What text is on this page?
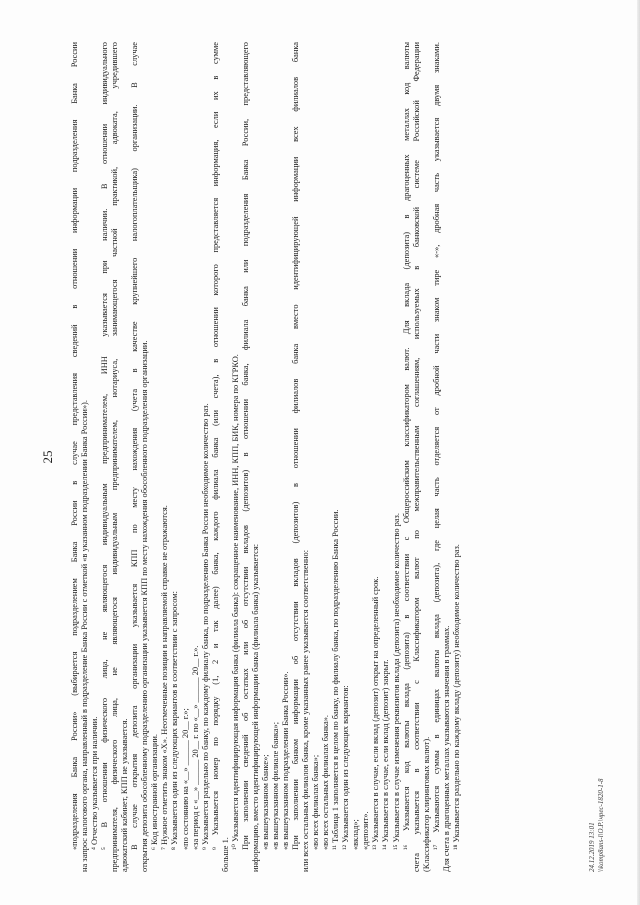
25 «подразделения Банка России» (выбирается подразделением Банка России в случае представления сведений в отношении информации подразделения Банка России на запрос налогового органа, направленный в подразделение Банка России с отметкой «в указанном подразделении Банка России»). ⁴ Отчество указывается при наличии. ⁵ В отношении физического лица, не являющегося индивидуальным предпринимателем, ИНН указывается при наличии. В отношении индивидуального предпринимателя, физического лица, не являющегося индивидуальным предпринимателем, нотариуса, занимающегося частной практикой, адвоката, учредившего адвокатский кабинет, КПП не указывается. В случае открытия депозита организации указывается КПП по месту нахождения (учета в качестве крупнейшего налогоплательщика) организации. В случае открытия депозита обособленному подразделению организации указывается КПП по месту нахождения обособленного подразделения организации. ⁶ Код иностранной организации. ⁷ Нужное отметить знаком «X». Неотмеченные позиции в направляемой справке не отражаются. ⁸ Указывается один из следующих вариантов в соответствии с запросом: «по состоянию на «__» ______ 20__ г.»; «за период с «__» ______ 20__ г. по «__» ______ 20__ г.». ⁹ Указывается раздельно по банку, по каждому филиалу банка, по подразделению Банка России необходимое количество раз. ⁹ Указывается номер по порядку (1, 2 и так далее) банка, каждого филиала банка (или счета), в отношении которого представляется информация, если их в сумме

больше 1.

¹⁰ Указывается идентифицирующая информация банка (филиала банка): сокращенное наименование, ИНН, КПП, БИК, номера по КГРКО. При заполнении сведений об остатках или об отсутствии вкладов (депозитов) в отношении банка, филиала банка или подразделения Банка России, представляющего информацию, вместо идентифицирующей информации банка (филиала банка) указывается: «в вышеуказанном банке»; «в вышеуказанном филиале банка»; «в вышеуказанном подразделении Банка России». При заполнении банком информации об отсутствии вкладов (депозитов) в отношении филиалов банка вместо идентифицирующей информации всех филиалов банка или всех остальных филиалов банка, кроме указанных ранее указывается соответственно: «во всех филиалах банка»; «во всех остальных филиалах банка». ¹¹ Таблица 1 заполняется в целом по банку, по филиалу банка, по подразделению Банка России. ¹² Указывается один из следующих вариантов: «вклад»; «депозит». ¹³ Указывается в случае, если вклад (депозит) открыт на определенный срок. ¹⁴ Указывается в случае, если вклад (депозит) закрыт. ¹⁵ Указывается в случае изменения реквизитов вклада (депозита) необходимое количество раз. ¹⁶ Указывается код валюты вклада (депозита) в соответствии с Общероссийским классификатором валют. Для вклада (депозита) в драгоценных металлах код валюты счета указывается в соответствии с Классификатором валют по межправительственным соглашениям, используемых в банковской системе Российской Федерации (Классификатор клиринговых валют). ¹⁷ Указываются суммы в единицах валюты вклада (депозита), где целая часть отделяется от дробной части знаком тире «-», дробная часть указывается двумя знаками. Для счета в драгоценных металлах указываются значения в граммах. ¹⁸ Указывается раздельно по каждому вкладу (депозиту) необходимое количество раз.	24.12.2019 13:01 \\komp8ans-l\О.Р.\чрес-1820-1-8
